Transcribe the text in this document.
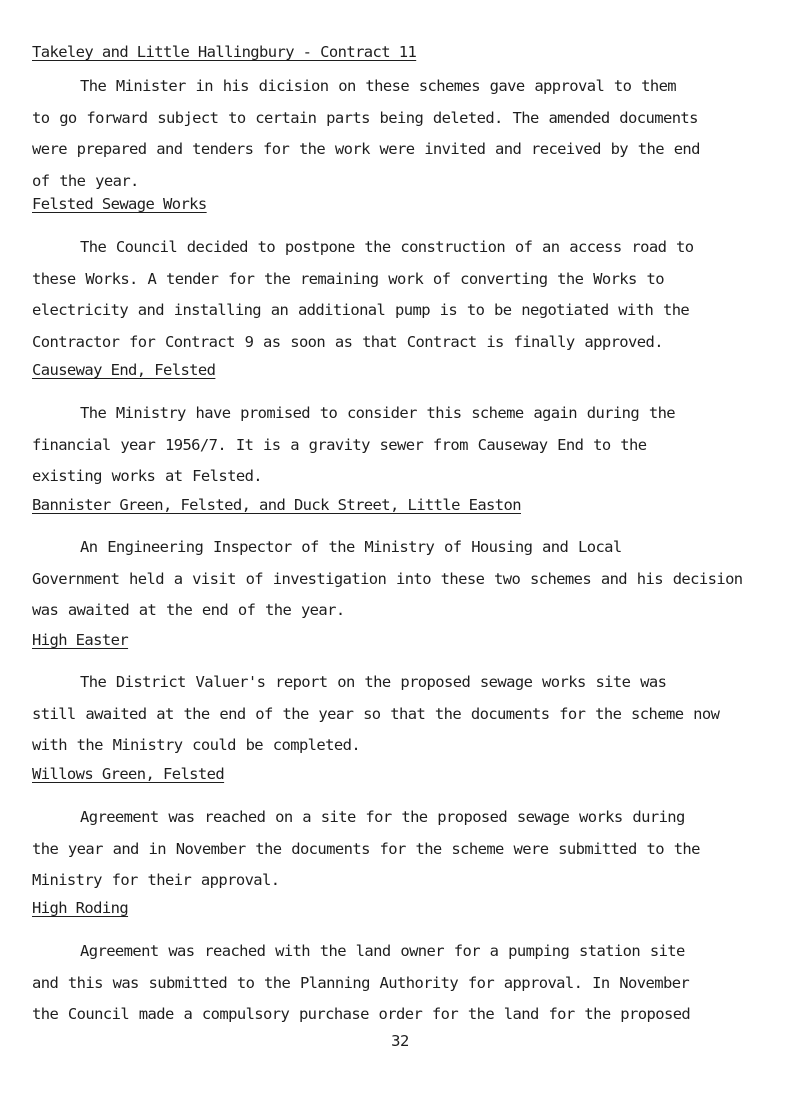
Takeley and Little Hallingbury - Contract 11
The Minister in his dicision on these schemes gave approval to them
to go forward subject to certain parts being deleted. The amended documents
were prepared and tenders for the work were invited and received by the end
of the year.
Felsted Sewage Works
The Council decided to postpone the construction of an access road to
these Works. A tender for the remaining work of converting the Works to
electricity and installing an additional pump is to be negotiated with the
Contractor for Contract 9 as soon as that Contract is finally approved.
Causeway End, Felsted
The Ministry have promised to consider this scheme again during the
financial year 1956/7. It is a gravity sewer from Causeway End to the
existing works at Felsted.
Bannister Green, Felsted, and Duck Street, Little Easton
An Engineering Inspector of the Ministry of Housing and Local
Government held a visit of investigation into these two schemes and his decision
was awaited at the end of the year.
High Easter
The District Valuer's report on the proposed sewage works site was
still awaited at the end of the year so that the documents for the scheme now
with the Ministry could be completed.
Willows Green, Felsted
Agreement was reached on a site for the proposed sewage works during
the year and in November the documents for the scheme were submitted to the
Ministry for their approval.
High Roding
Agreement was reached with the land owner for a pumping station site
and this was submitted to the Planning Authority for approval. In November
the Council made a compulsory purchase order for the land for the proposed
32
